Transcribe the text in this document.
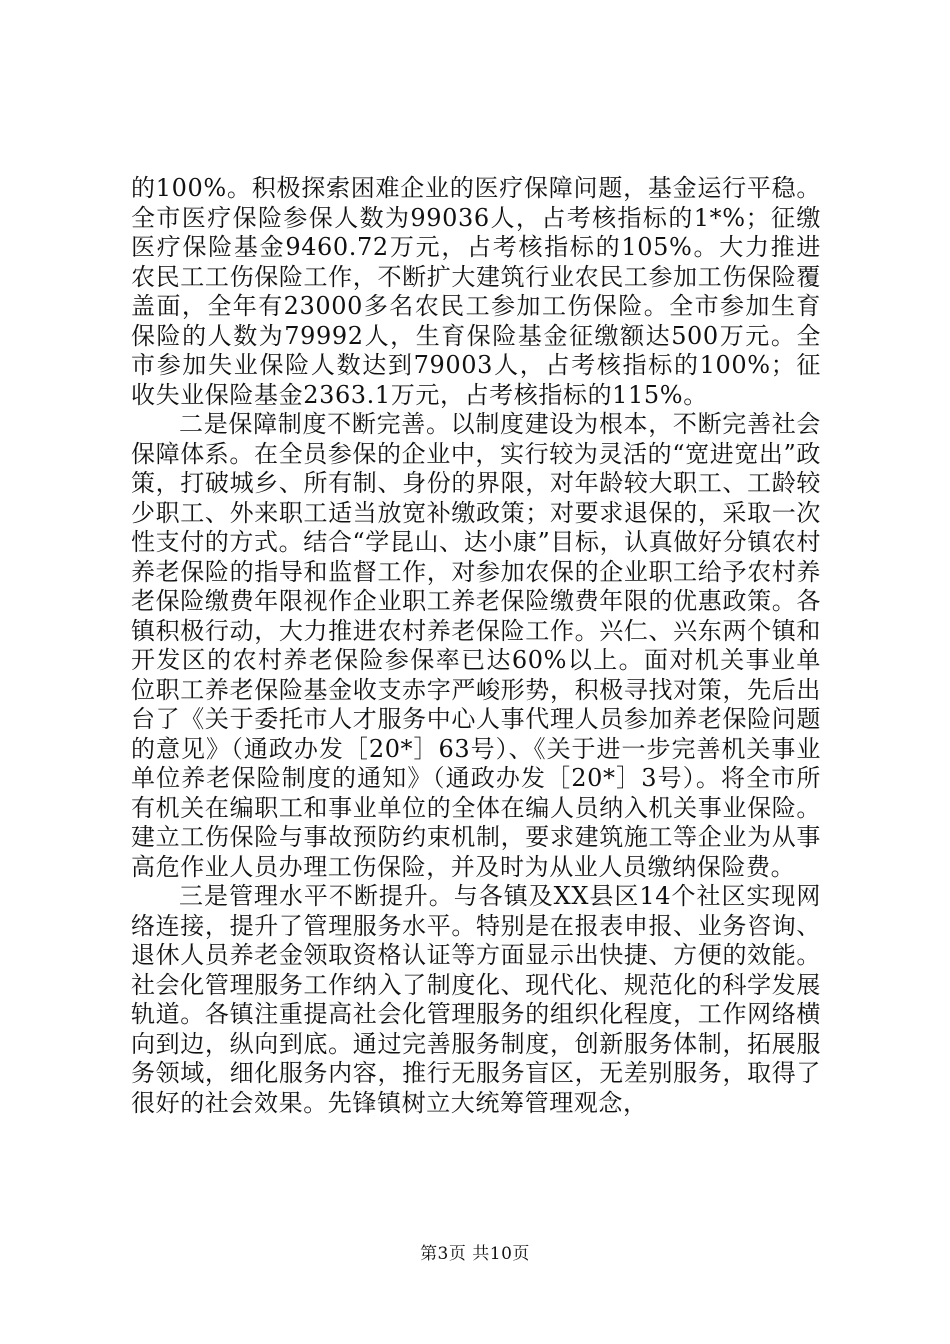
的100%。积极探索困难企业的医疗保障问题，基金运行平稳。全市医疗保险参保人数为99036人，占考核指标的1*%；征缴医疗保险基金9460.72万元，占考核指标的105%。大力推进农民工工伤保险工作，不断扩大建筑行业农民工参加工伤保险覆盖面，全年有23000多名农民工参加工伤保险。全市参加生育保险的人数为79992人，生育保险基金征缴额达500万元。全市参加失业保险人数达到79003人，占考核指标的100%；征收失业保险基金2363.1万元，占考核指标的115%。

二是保障制度不断完善。以制度建设为根本，不断完善社会保障体系。在全员参保的企业中，实行较为灵活的“宽进宽出”政策，打破城乡、所有制、身份的界限，对年龄较大职工、工龄较少职工、外来职工适当放宽补缴政策；对要求退保的，采取一次性支付的方式。结合“学昆山、达小康”目标，认真做好分镇农村养老保险的指导和监督工作，对参加农保的企业职工给予农村养老保险缴费年限视作企业职工养老保险缴费年限的优惠政策。各镇积极行动，大力推进农村养老保险工作。兴仁、兴东两个镇和开发区的农村养老保险参保率已达60%以上。面对机关事业单位职工养老保险基金收支赤字严峻形势，积极寻找对策，先后出台了《关于委托市人才服务中心人事代理人员参加养老保险问题的意见》（通政办发［20*］63号）、《关于进一步完善机关事业单位养老保险制度的通知》（通政办发［20*］3号）。将全市所有机关在编职工和事业单位的全体在编人员纳入机关事业保险。建立工伤保险与事故预防约束机制，要求建筑施工等企业为从事高危作业人员办理工伤保险，并及时为从业人员缴纳保险费。

三是管理水平不断提升。与各镇及XX县区14个社区实现网络连接，提升了管理服务水平。特别是在报表申报、业务咨询、退休人员养老金领取资格认证等方面显示出快捷、方便的效能。社会化管理服务工作纳入了制度化、现代化、规范化的科学发展轨道。各镇注重提高社会化管理服务的组织化程度，工作网络横向到边，纵向到底。通过完善服务制度，创新服务体制，拓展服务领域，细化服务内容，推行无服务盲区，无差别服务，取得了很好的社会效果。先锋镇树立大统筹管理观念，

第3页 共10页
